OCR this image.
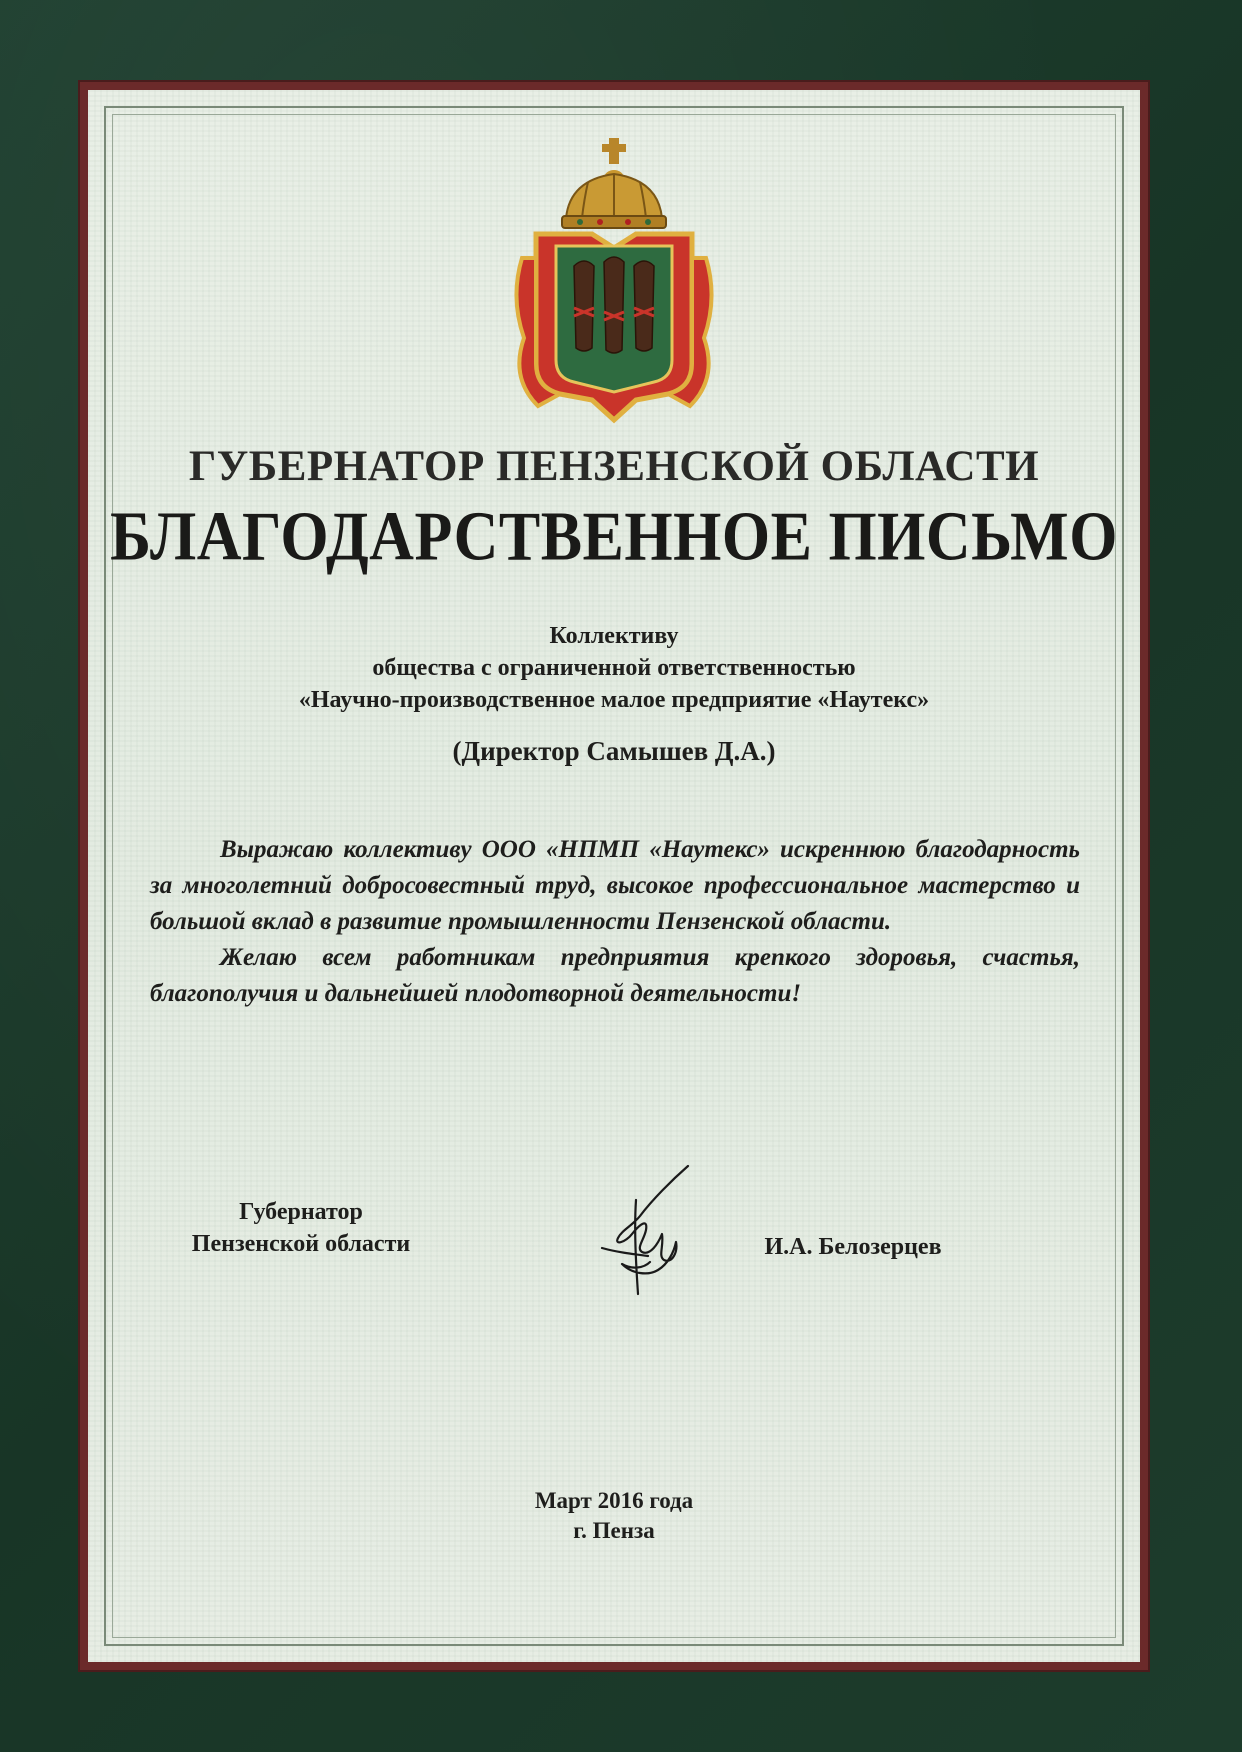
ГУБЕРНАТОР ПЕНЗЕНСКОЙ ОБЛАСТИ
БЛАГОДАРСТВЕННОЕ ПИСЬМО
Коллективу
общества с ограниченной ответственностью
«Научно-производственное малое предприятие «Наутекс»
(Директор Самышев Д.А.)

Выражаю коллективу ООО «НПМП «Наутекс» искреннюю благодарность за многолетний добросовестный труд, высокое профессиональное мастерство и большой вклад в развитие промышленности Пензенской области.

Желаю всем работникам предприятия крепкого здоровья, счастья, благополучия и дальнейшей плодотворной деятельности!

Губернатор
Пензенской области	И.А. Белозерцев
Март 2016 года
г. Пенза
